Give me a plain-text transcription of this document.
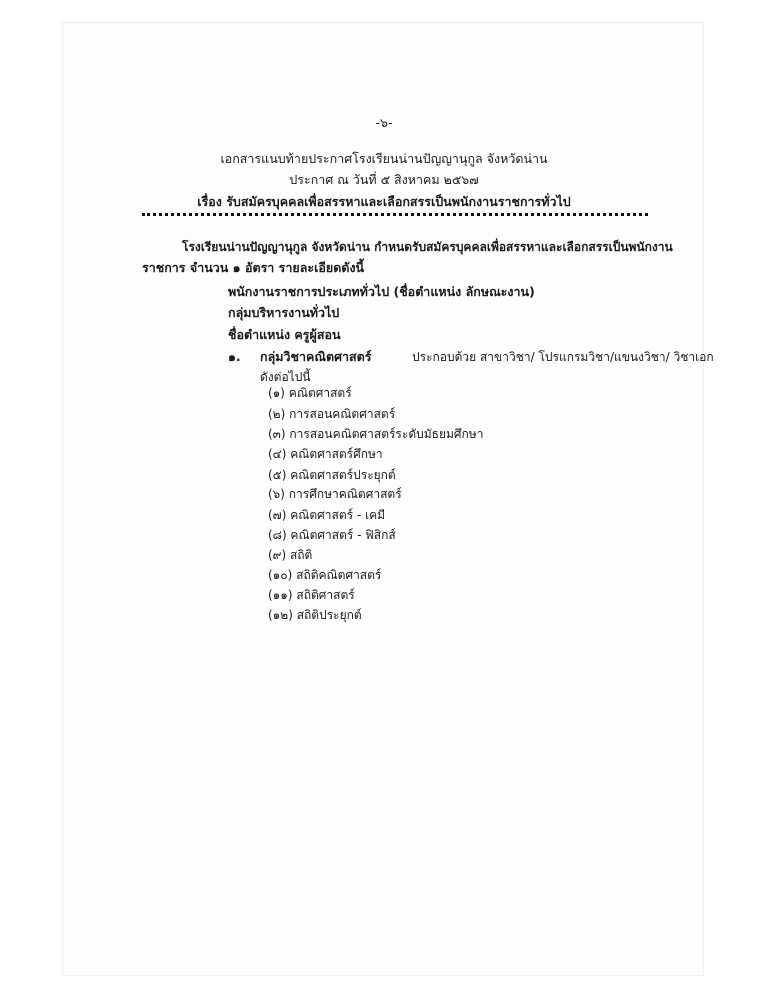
-๖-
เอกสารแนบท้ายประกาศโรงเรียนน่านปัญญานุกูล จังหวัดน่าน
ประกาศ ณ วันที่ ๕ สิงหาคม ๒๕๖๗
เรื่อง รับสมัครบุคคลเพื่อสรรหาและเลือกสรรเป็นพนักงานราชการทั่วไป
โรงเรียนน่านปัญญานุกูล จังหวัดน่าน กำหนดรับสมัครบุคคลเพื่อสรรหาและเลือกสรรเป็นพนักงาน
ราชการ จำนวน ๑ อัตรา รายละเอียดดังนี้
พนักงานราชการประเภททั่วไป (ชื่อตำแหน่ง ลักษณะงาน)
กลุ่มบริหารงานทั่วไป
ชื่อตำแหน่ง ครูผู้สอน
๑. กลุ่มวิชาคณิตศาสตร์	ประกอบด้วย สาขาวิชา/ โปรแกรมวิชา/แขนงวิชา/ วิชาเอก
ดังต่อไปนี้
(๑) คณิตศาสตร์
(๒) การสอนคณิตศาสตร์
(๓) การสอนคณิตศาสตร์ระดับมัธยมศึกษา
(๔) คณิตศาสตร์ศึกษา
(๕) คณิตศาสตร์ประยุกต์
(๖) การศึกษาคณิตศาสตร์
(๗) คณิตศาสตร์ - เคมี
(๘) คณิตศาสตร์ - ฟิสิกส์
(๙) สถิติ
(๑๐) สถิติคณิตศาสตร์
(๑๑) สถิติศาสตร์
(๑๒) สถิติประยุกต์
